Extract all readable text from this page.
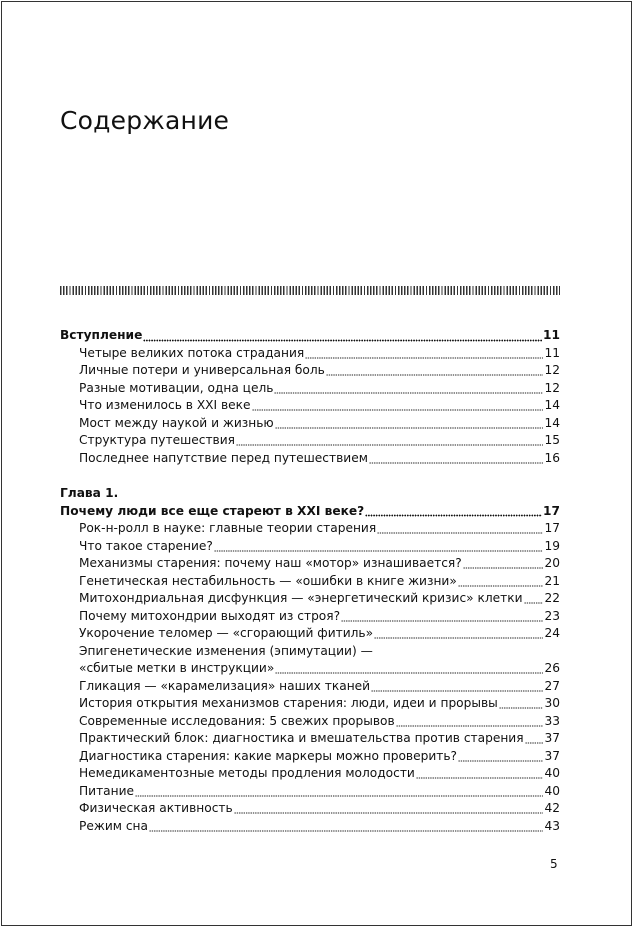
Содержание
Вступление	11
Четыре великих потока страдания	11
Личные потери и универсальная боль	12
Разные мотивации, одна цель	12
Что изменилось в XXI веке	14
Мост между наукой и жизнью	14
Структура путешествия	15
Последнее напутствие перед путешествием	16
Глава 1.
Почему люди все еще стареют в XXI веке?	17
Рок-н-ролл в науке: главные теории старения	17
Что такое старение?	19
Механизмы старения: почему наш «мотор» изнашивается?	20
Генетическая нестабильность — «ошибки в книге жизни»	21
Митохондриальная дисфункция — «энергетический кризис» клетки 22
Почему митохондрии выходят из строя?	23
Укорочение теломер — «сгорающий фитиль»	24
Эпигенетические изменения (эпимутации) —
«сбитые метки в инструкции»	26
Гликация — «карамелизация» наших тканей	27
История открытия механизмов старения: люди, идеи и прорывы	30
Современные исследования: 5 свежих прорывов	33
Практический блок: диагностика и вмешательства против старения 37
Диагностика старения: какие маркеры можно проверить?	37
Немедикаментозные методы продления молодости	40
Питание	40
Физическая активность	42
Режим сна	43
5
